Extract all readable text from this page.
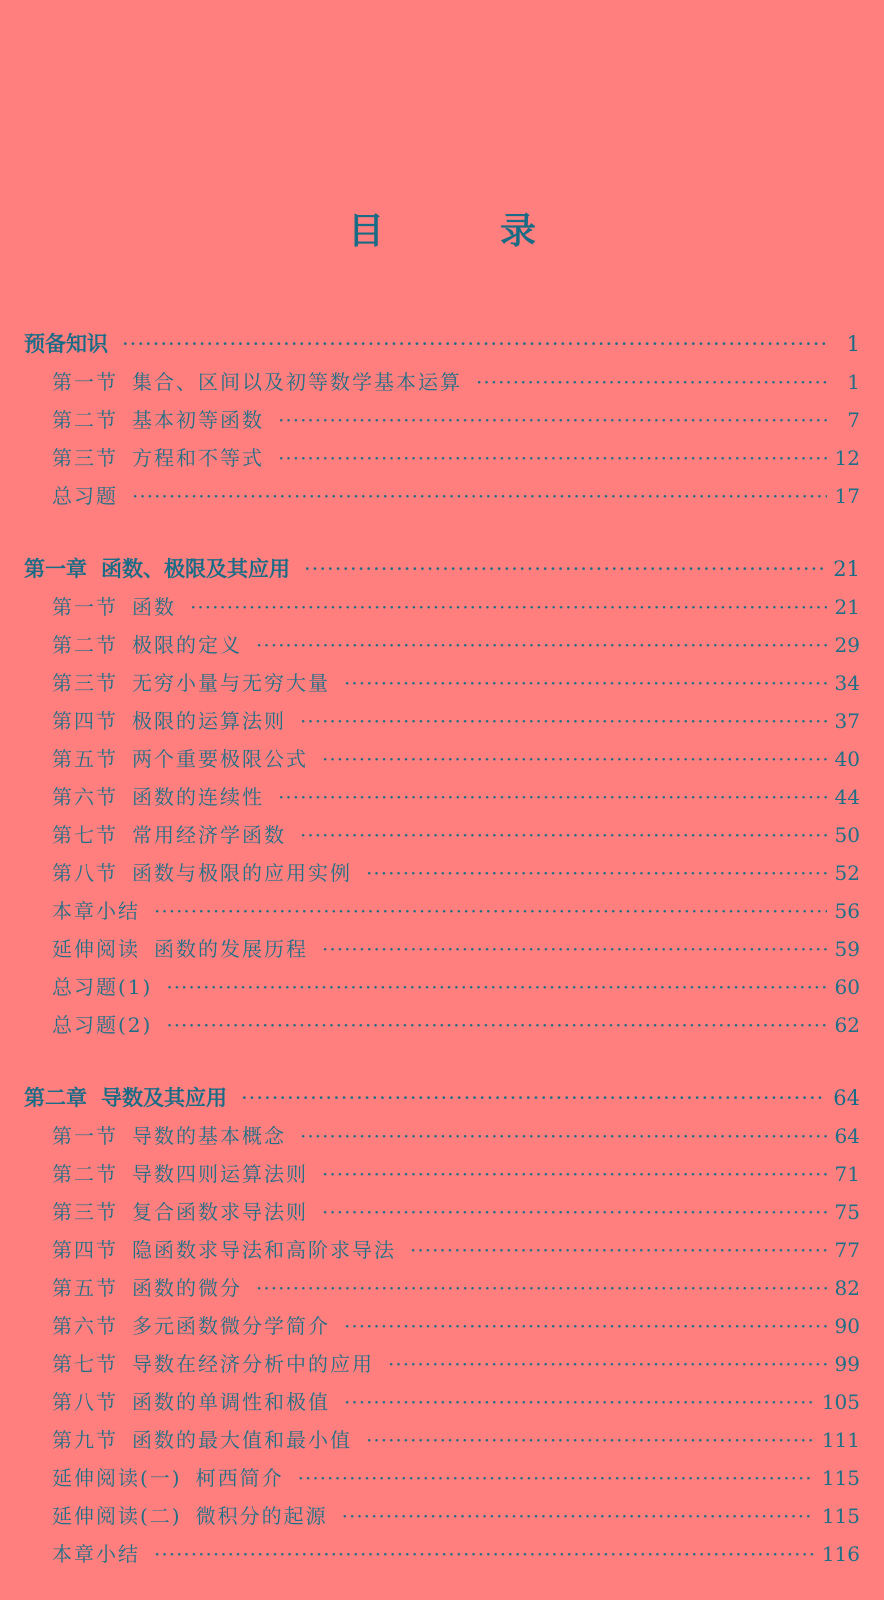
目　录
预备知识 ·····	1
第一节 集合、区间以及初等数学基本运算 ·····	1
第二节 基本初等函数 ·····	7
第三节 方程和不等式 ·····	12
总习题 ·····	17
第一章 函数、极限及其应用 ·····	21
第一节 函数 ·····	21
第二节 极限的定义 ·····	29
第三节 无穷小量与无穷大量 ·····	34
第四节 极限的运算法则 ·····	37
第五节 两个重要极限公式 ·····	40
第六节 函数的连续性 ·····	44
第七节 常用经济学函数 ·····	50
第八节 函数与极限的应用实例 ·····	52
本章小结 ·····	56
延伸阅读 函数的发展历程 ·····	59
总习题(1) ·····	60
总习题(2) ·····	62
第二章 导数及其应用 ·····	64
第一节 导数的基本概念 ·····	64
第二节 导数四则运算法则 ·····	71
第三节 复合函数求导法则 ·····	75
第四节 隐函数求导法和高阶求导法 ·····	77
第五节 函数的微分 ·····	82
第六节 多元函数微分学简介 ·····	90
第七节 导数在经济分析中的应用 ·····	99
第八节 函数的单调性和极值 ·····	105
第九节 函数的最大值和最小值 ·····	111
延伸阅读(一) 柯西简介 ·····	115
延伸阅读(二) 微积分的起源 ·····	115
本章小结 ·····	116
